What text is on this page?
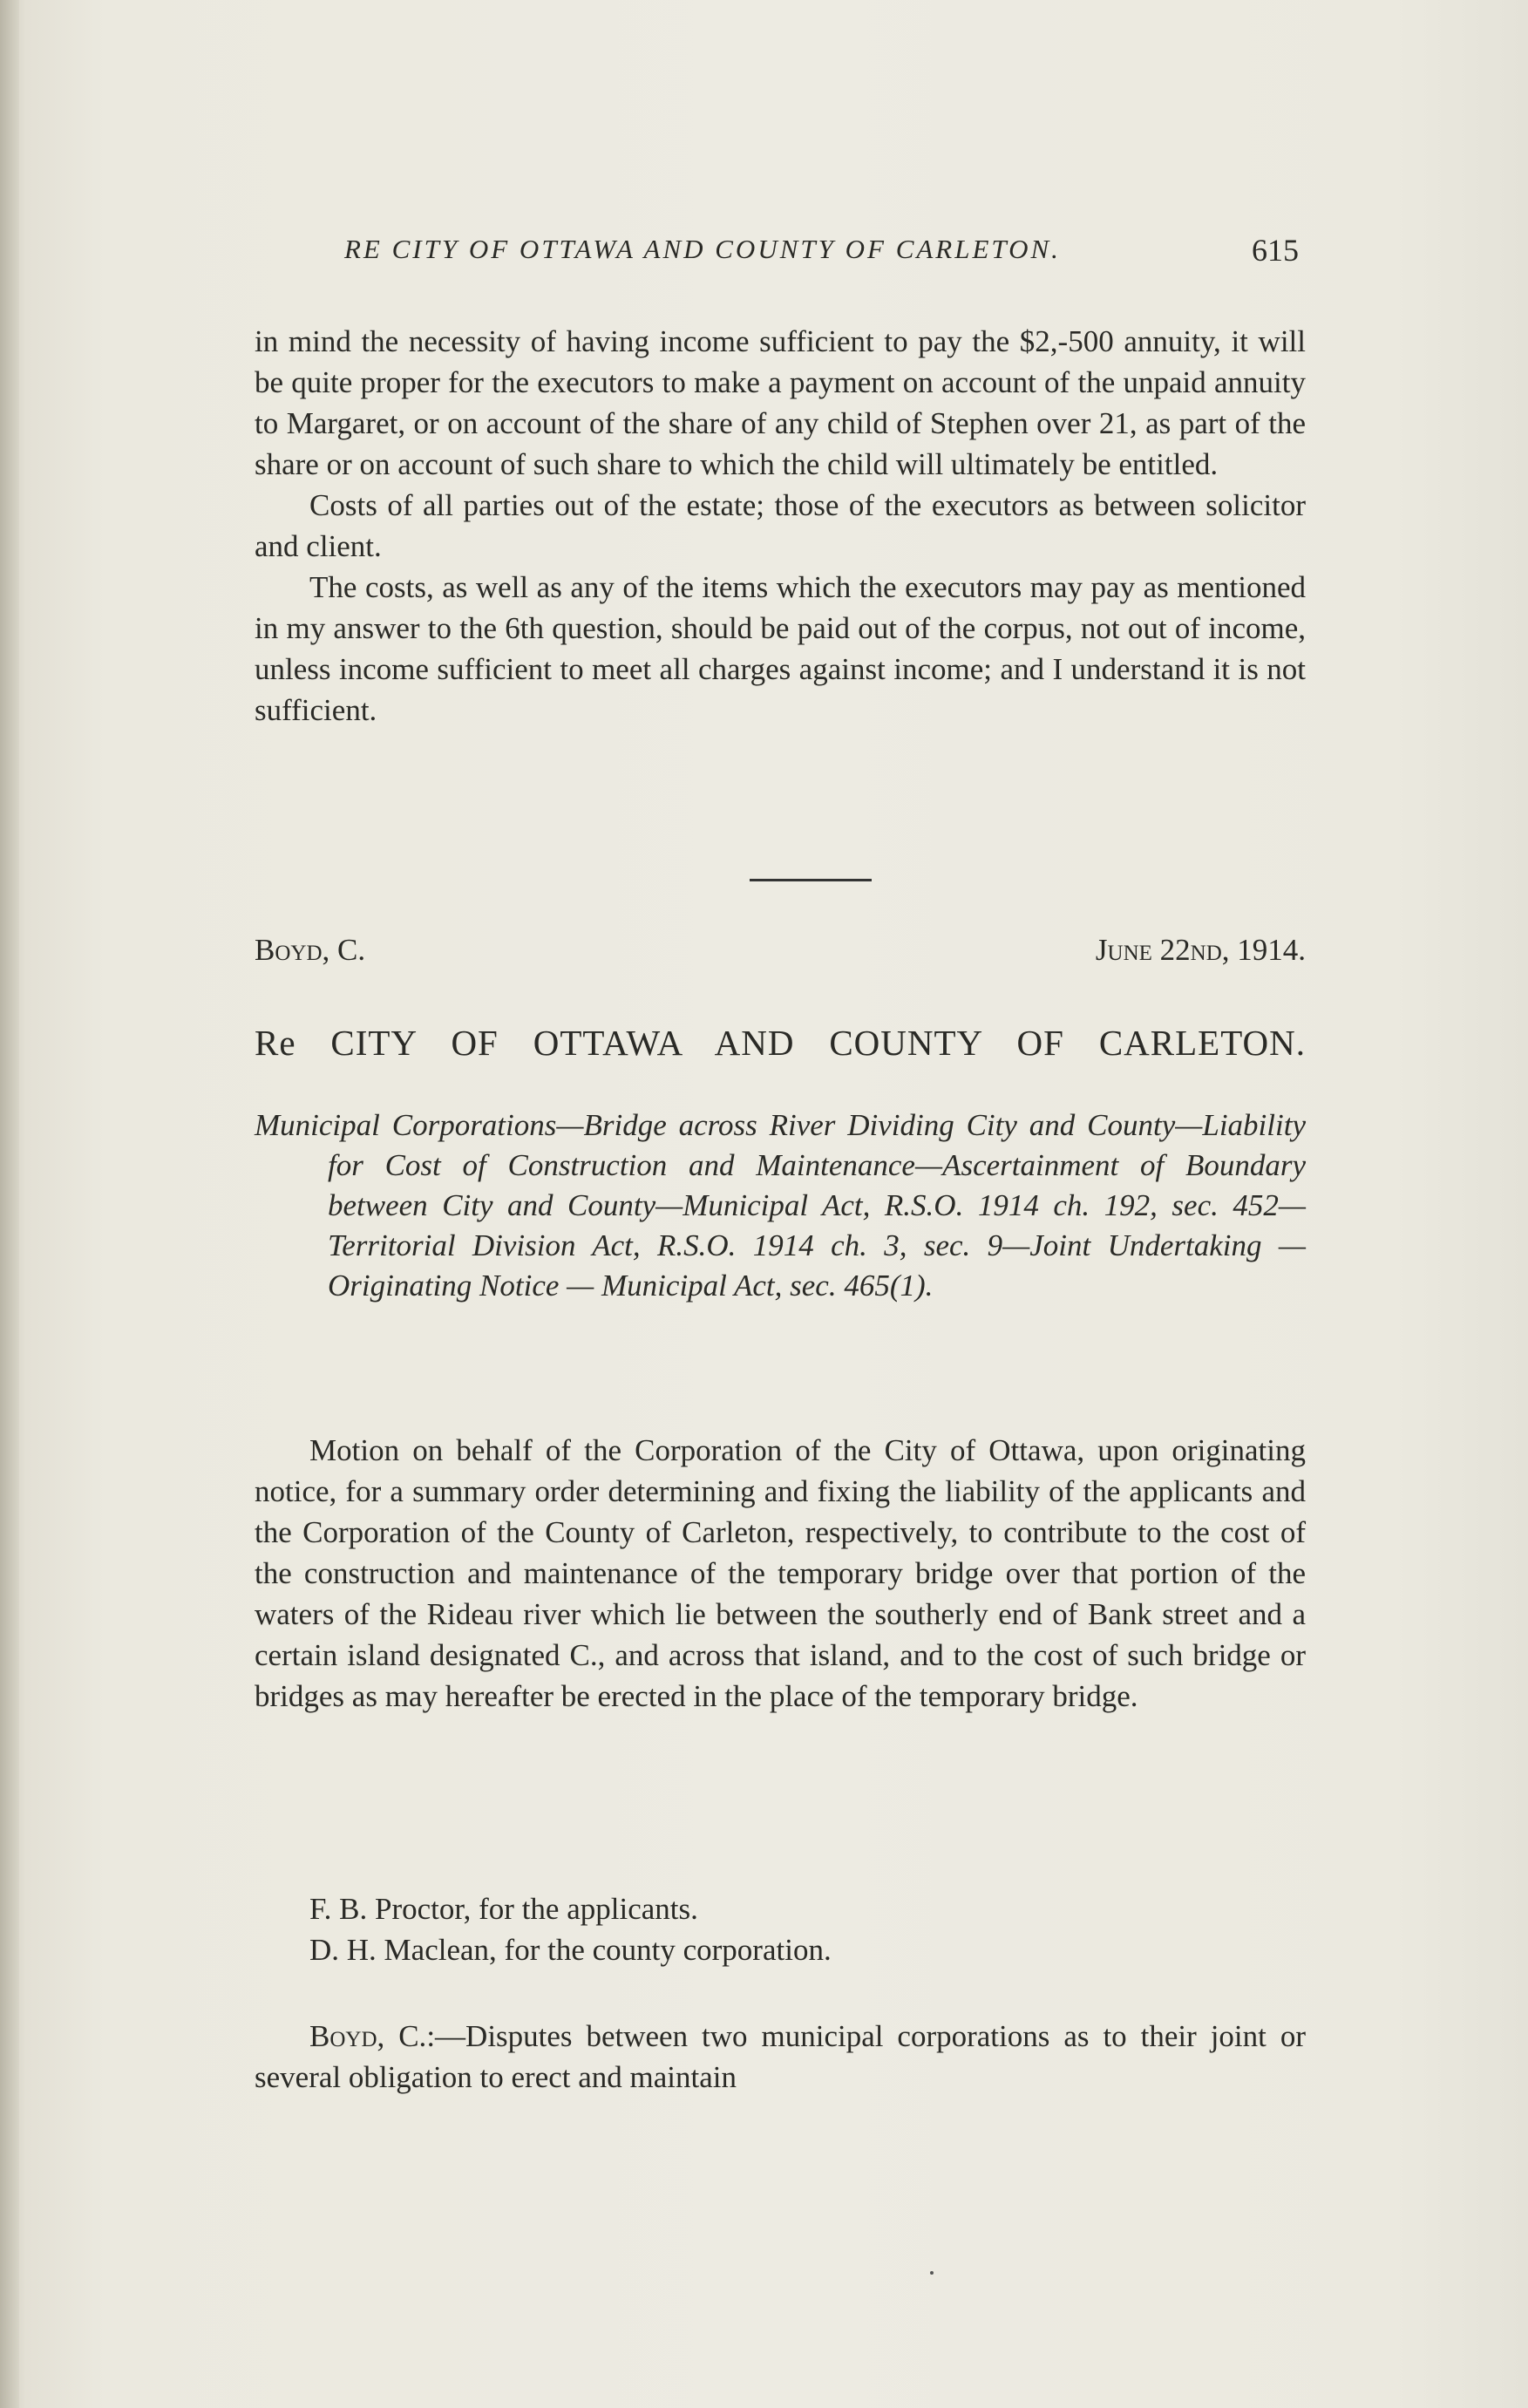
RE CITY OF OTTAWA AND COUNTY OF CARLETON.	615

in mind the necessity of having income sufficient to pay the $2,-500 annuity, it will be quite proper for the executors to make a payment on account of the unpaid annuity to Margaret, or on account of the share of any child of Stephen over 21, as part of the share or on account of such share to which the child will ultimately be entitled.

Costs of all parties out of the estate; those of the executors as between solicitor and client.

The costs, as well as any of the items which the executors may pay as mentioned in my answer to the 6th question, should be paid out of the corpus, not out of income, unless income sufficient to meet all charges against income; and I understand it is not sufficient.

Boyd, C.	June 22nd, 1914.
Re CITY OF OTTAWA AND COUNTY OF CARLETON.
Municipal Corporations—Bridge across River Dividing City and County—Liability for Cost of Construction and Maintenance—Ascertainment of Boundary between City and County—Municipal Act, R.S.O. 1914 ch. 192, sec. 452—Territorial Division Act, R.S.O. 1914 ch. 3, sec. 9—Joint Undertaking — Originating Notice — Municipal Act, sec. 465(1).

Motion on behalf of the Corporation of the City of Ottawa, upon originating notice, for a summary order determining and fixing the liability of the applicants and the Corporation of the County of Carleton, respectively, to contribute to the cost of the construction and maintenance of the temporary bridge over that portion of the waters of the Rideau river which lie between the southerly end of Bank street and a certain island designated C., and across that island, and to the cost of such bridge or bridges as may hereafter be erected in the place of the temporary bridge.

F. B. Proctor, for the applicants.
D. H. Maclean, for the county corporation.

Boyd, C.:—Disputes between two municipal corporations as to their joint or several obligation to erect and maintain
